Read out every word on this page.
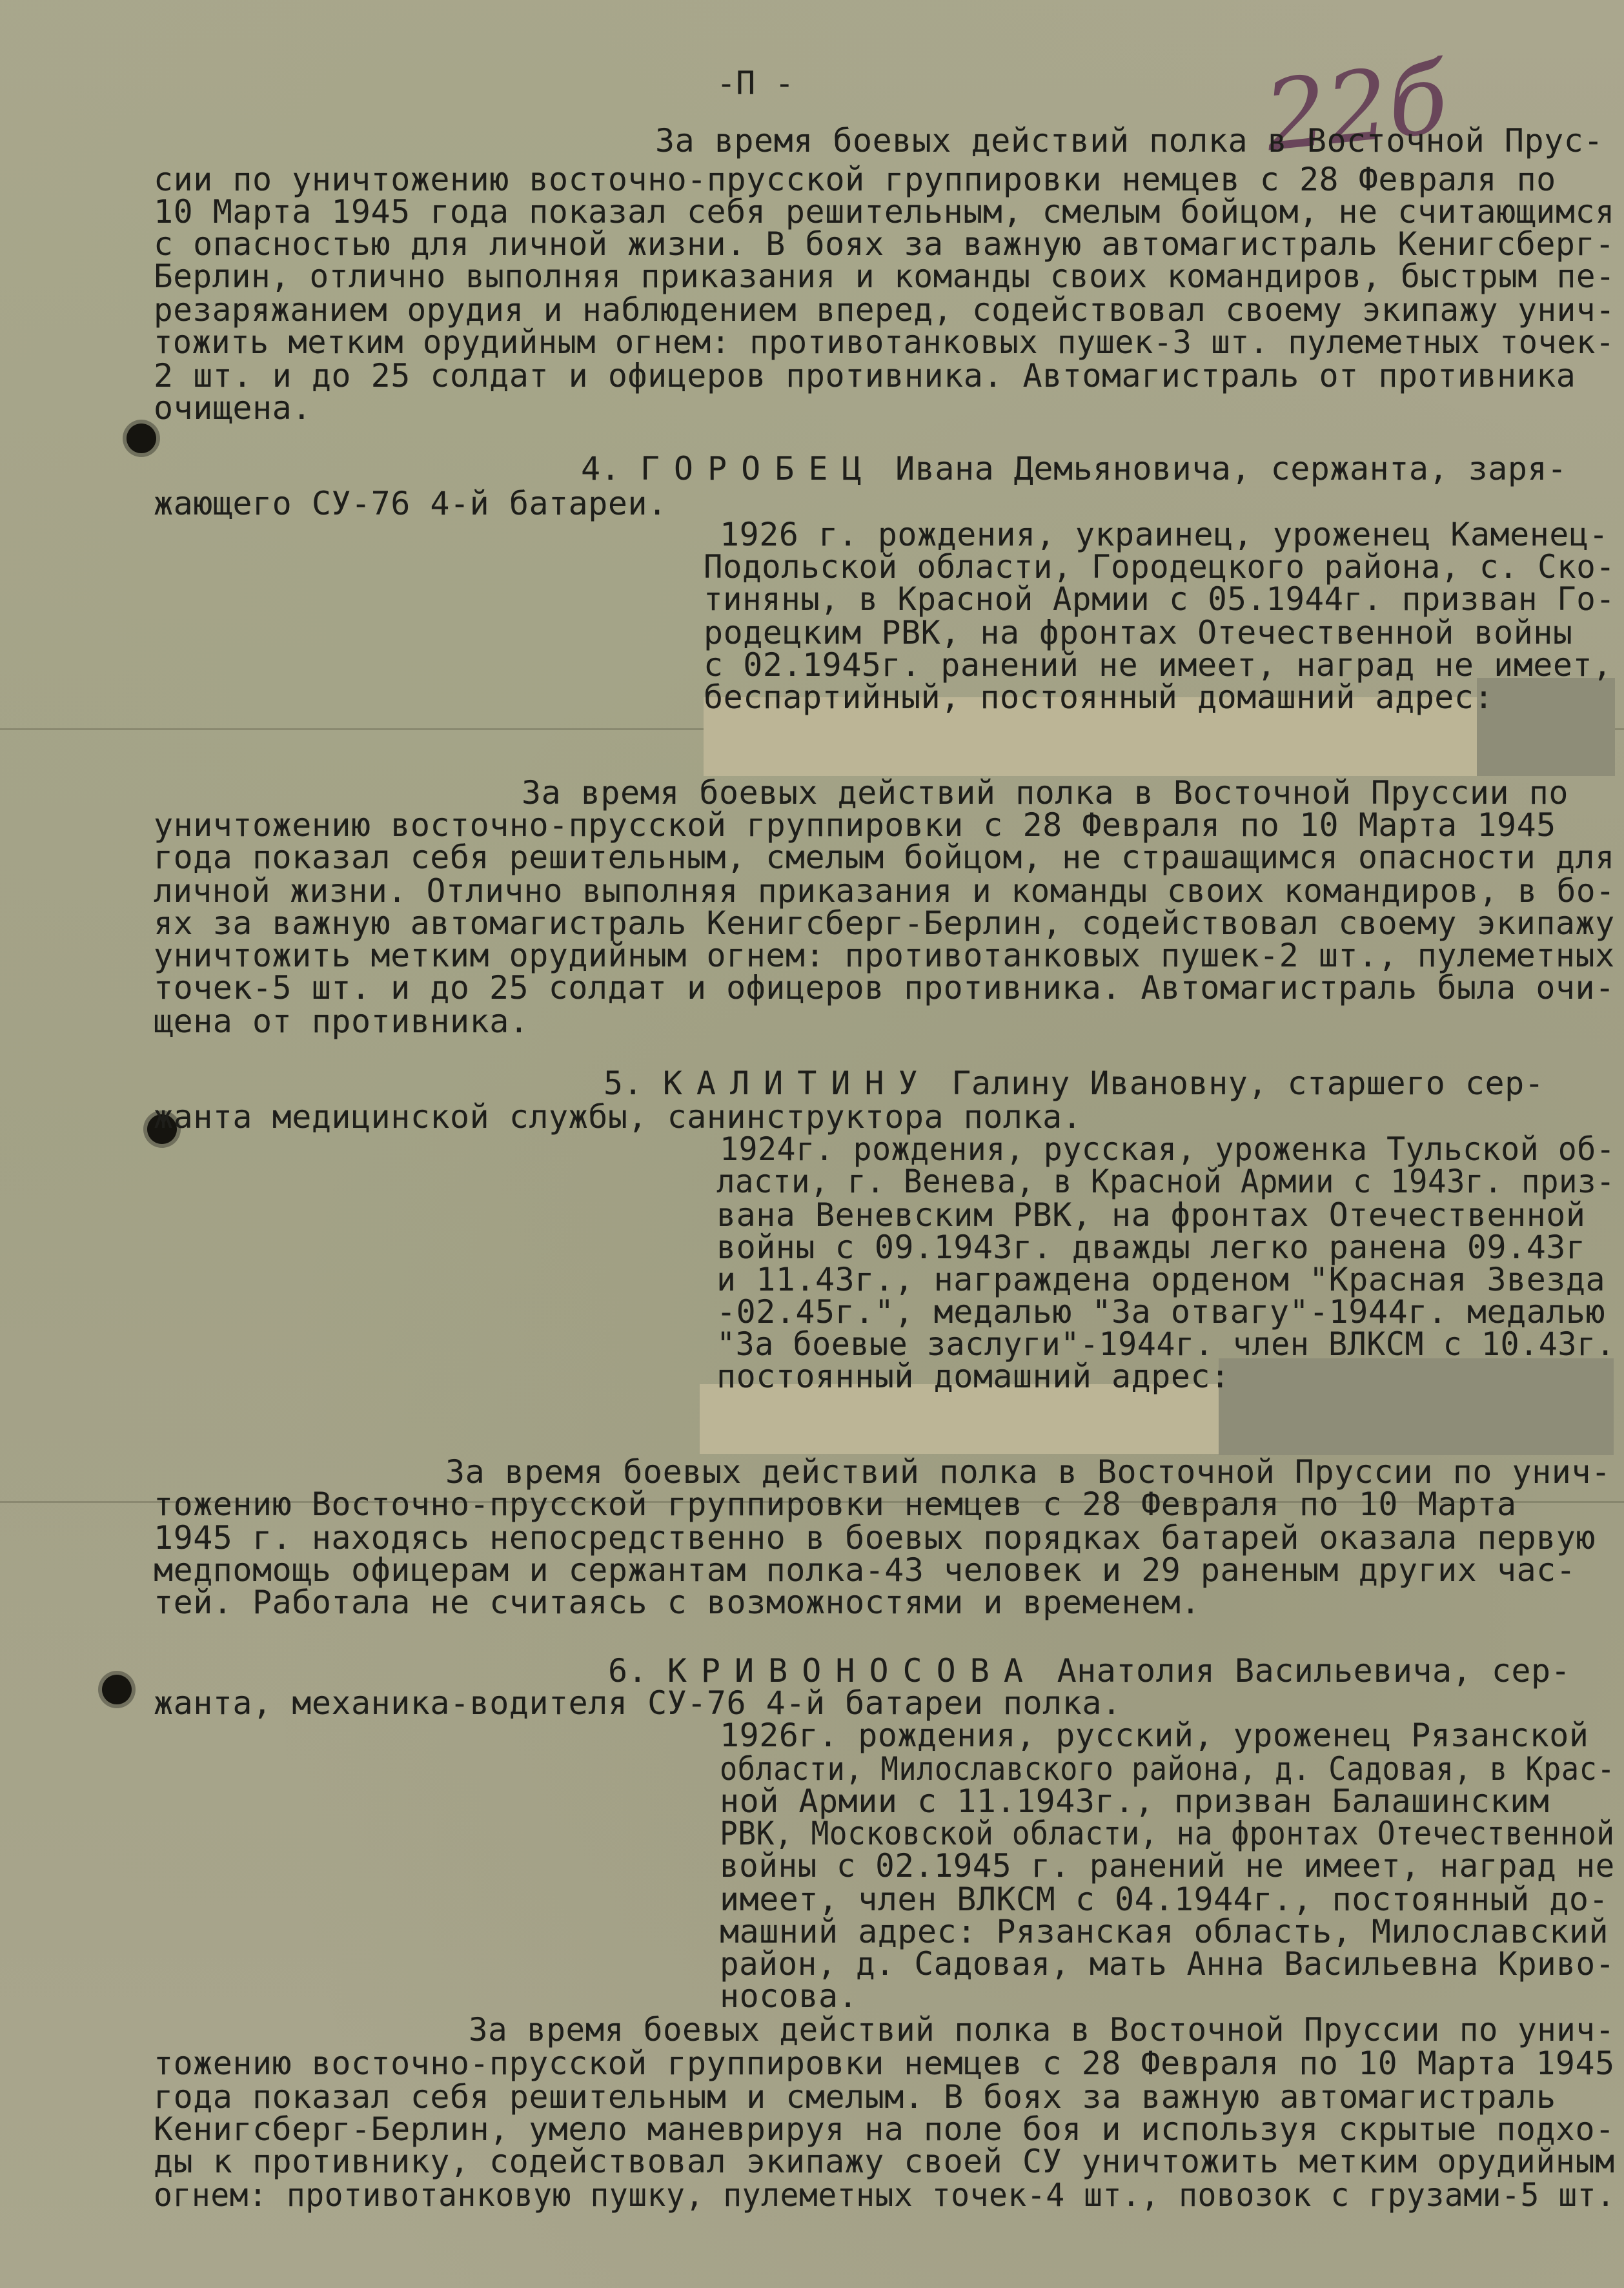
-П -	22б
За время боевых действий полка в Восточной Прус-
сии по уничтожению восточно-прусской группировки немцев с 28 Февраля по
10 Марта 1945 года показал себя решительным, смелым бойцом, не считающимся
с опасностью для личной жизни. В боях за важную автомагистраль Кенигсберг-
Берлин, отлично выполняя приказания и команды своих командиров, быстрым пе-
резаряжанием орудия и наблюдением вперед, содействовал своему экипажу унич-
тожить метким орудийным огнем: противотанковых пушек-3 шт. пулеметных точек-
2 шт. и до 25 солдат и офицеров противника. Автомагистраль от противника
очищена.
4. ГОРОБЕЦ Ивана Демьяновича, сержанта, заря-
жающего СУ-76 4-й батареи.
1926 г. рождения, украинец, уроженец Каменец-
Подольской области, Городецкого района, с. Ско-
тиняны, в Красной Армии с 05.1944г. призван Го-
родецким РВК, на фронтах Отечественной войны
с 02.1945г. ранений не имеет, наград не имеет,
беспартийный, постоянный домашний адрес:
За время боевых действий полка в Восточной Пруссии по
уничтожению восточно-прусской группировки с 28 Февраля по 10 Марта 1945
года показал себя решительным, смелым бойцом, не страшащимся опасности для
личной жизни. Отлично выполняя приказания и команды своих командиров, в бо-
ях за важную автомагистраль Кенигсберг-Берлин, содействовал своему экипажу
уничтожить метким орудийным огнем: противотанковых пушек-2 шт., пулеметных
точек-5 шт. и до 25 солдат и офицеров противника. Автомагистраль была очи-
щена от противника.
5. КАЛИТИНУ Галину Ивановну, старшего сер-
жанта медицинской службы, санинструктора полка.
1924г. рождения, русская, уроженка Тульской об-
ласти, г. Венева, в Красной Армии с 1943г. приз-
вана Веневским РВК, на фронтах Отечественной
войны с 09.1943г. дважды легко ранена 09.43г
и 11.43г., награждена орденом "Красная Звезда
-02.45г.", медалью "За отвагу"-1944г. медалью
"За боевые заслуги"-1944г. член ВЛКСМ с 10.43г.
постоянный домашний адрес:
За время боевых действий полка в Восточной Пруссии по унич-
тожению Восточно-прусской группировки немцев с 28 Февраля по 10 Марта
1945 г. находясь непосредственно в боевых порядках батарей оказала первую
медпомощь офицерам и сержантам полка-43 человек и 29 раненым других час-
тей. Работала не считаясь с возможностями и временем.
6. КРИВОНОСОВА Анатолия Васильевича, сер-
жанта, механика-водителя СУ-76 4-й батареи полка.
1926г. рождения, русский, уроженец Рязанской
области, Милославского района, д. Садовая, в Крас-
ной Армии с 11.1943г., призван Балашинским
РВК, Московской области, на фронтах Отечественной
войны с 02.1945 г. ранений не имеет, наград не
имеет, член ВЛКСМ с 04.1944г., постоянный до-
машний адрес: Рязанская область, Милославский
район, д. Садовая, мать Анна Васильевна Криво-
носова.
За время боевых действий полка в Восточной Пруссии по унич-
тожению восточно-прусской группировки немцев с 28 Февраля по 10 Марта 1945
года показал себя решительным и смелым. В боях за важную автомагистраль
Кенигсберг-Берлин, умело маневрируя на поле боя и используя скрытые подхо-
ды к противнику, содействовал экипажу своей СУ уничтожить метким орудийным
огнем: противотанковую пушку, пулеметных точек-4 шт., повозок с грузами-5 шт.
